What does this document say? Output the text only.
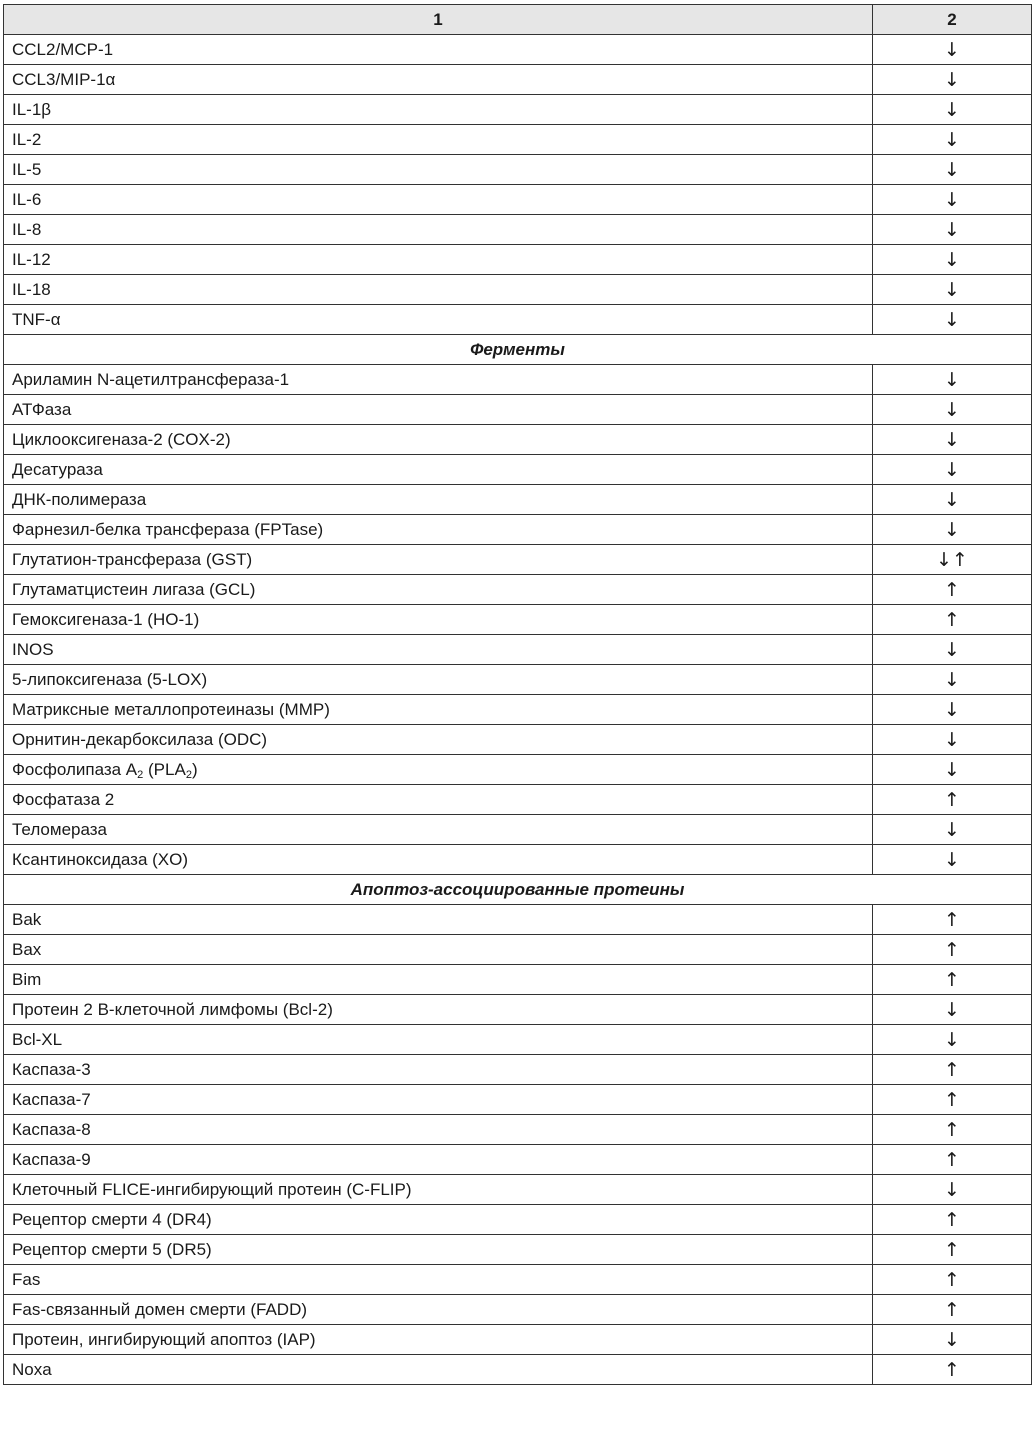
1	2
CCL2/MCP-1	↓
CCL3/MIP-1α	↓
IL-1β	↓
IL-2	↓
IL-5	↓
IL-6	↓
IL-8	↓
IL-12	↓
IL-18	↓
TNF-α	↓
Ферменты	
Ариламин N-ацетилтрансфераза-1	↓
АТФаза	↓
Циклооксигеназа-2 (COX-2)	↓
Десатураза	↓
ДНК-полимераза	↓
Фарнезил-белка трансфераза (FPTase)	↓
Глутатион-трансфераза (GST)	↓↑
Глутаматцистеин лигаза (GCL)	↑
Гемоксигеназа-1 (HO-1)	↑
INOS	↓
5-липоксигеназа (5-LOX)	↓
Матриксные металлопротеиназы (MMP)	↓
Орнитин-декарбоксилаза (ODC)	↓
Фосфолипаза $A_2$ $(PLA_2)$	↓
Фосфатаза 2	↑
Теломераза	↓
Ксантиноксидаза (XO)	↓
Апоптоз-ассоциированные протеины	
Bak	↑
Bax	↑
Bim	↑
Протеин 2 B-клеточной лимфомы (Bcl-2)	↓
Bcl-XL	↓
Каспаза-3	↑
Каспаза-7	↑
Каспаза-8	↑
Каспаза-9	↑
Клеточный FLICE-ингибирующий протеин (C-FLIP)	↓
Рецептор смерти 4 (DR4)	↑
Рецептор смерти 5 (DR5)	↑
Fas	↑
Fas-связанный домен смерти (FADD)	↑
Протеин, ингибирующий апоптоз (IAP)	↓
Noxa	↑
